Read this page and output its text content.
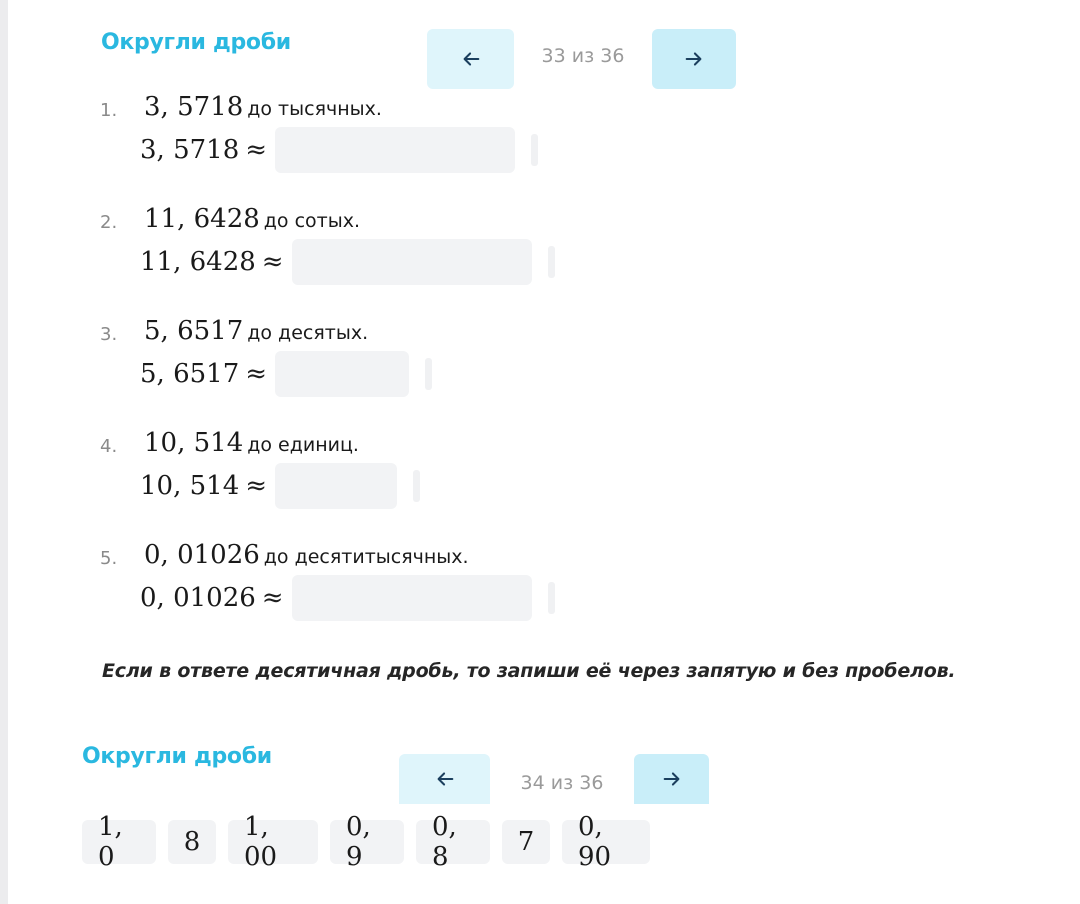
Округли дроби
33 из 36
1. 3, 5718 до тысячных.
3, 5718 ≈
2. 11, 6428 до сотых.
11, 6428 ≈
3. 5, 6517 до десятых.
5, 6517 ≈
4. 10, 514 до единиц.
10, 514 ≈
5. 0, 01026 до десятитысячных.
0, 01026 ≈
Если в ответе десятичная дробь, то запиши её через запятую и без пробелов.
Округли дроби
34 из 36
1, 0	8	1, 00
0, 9
0, 8	7	0, 90
